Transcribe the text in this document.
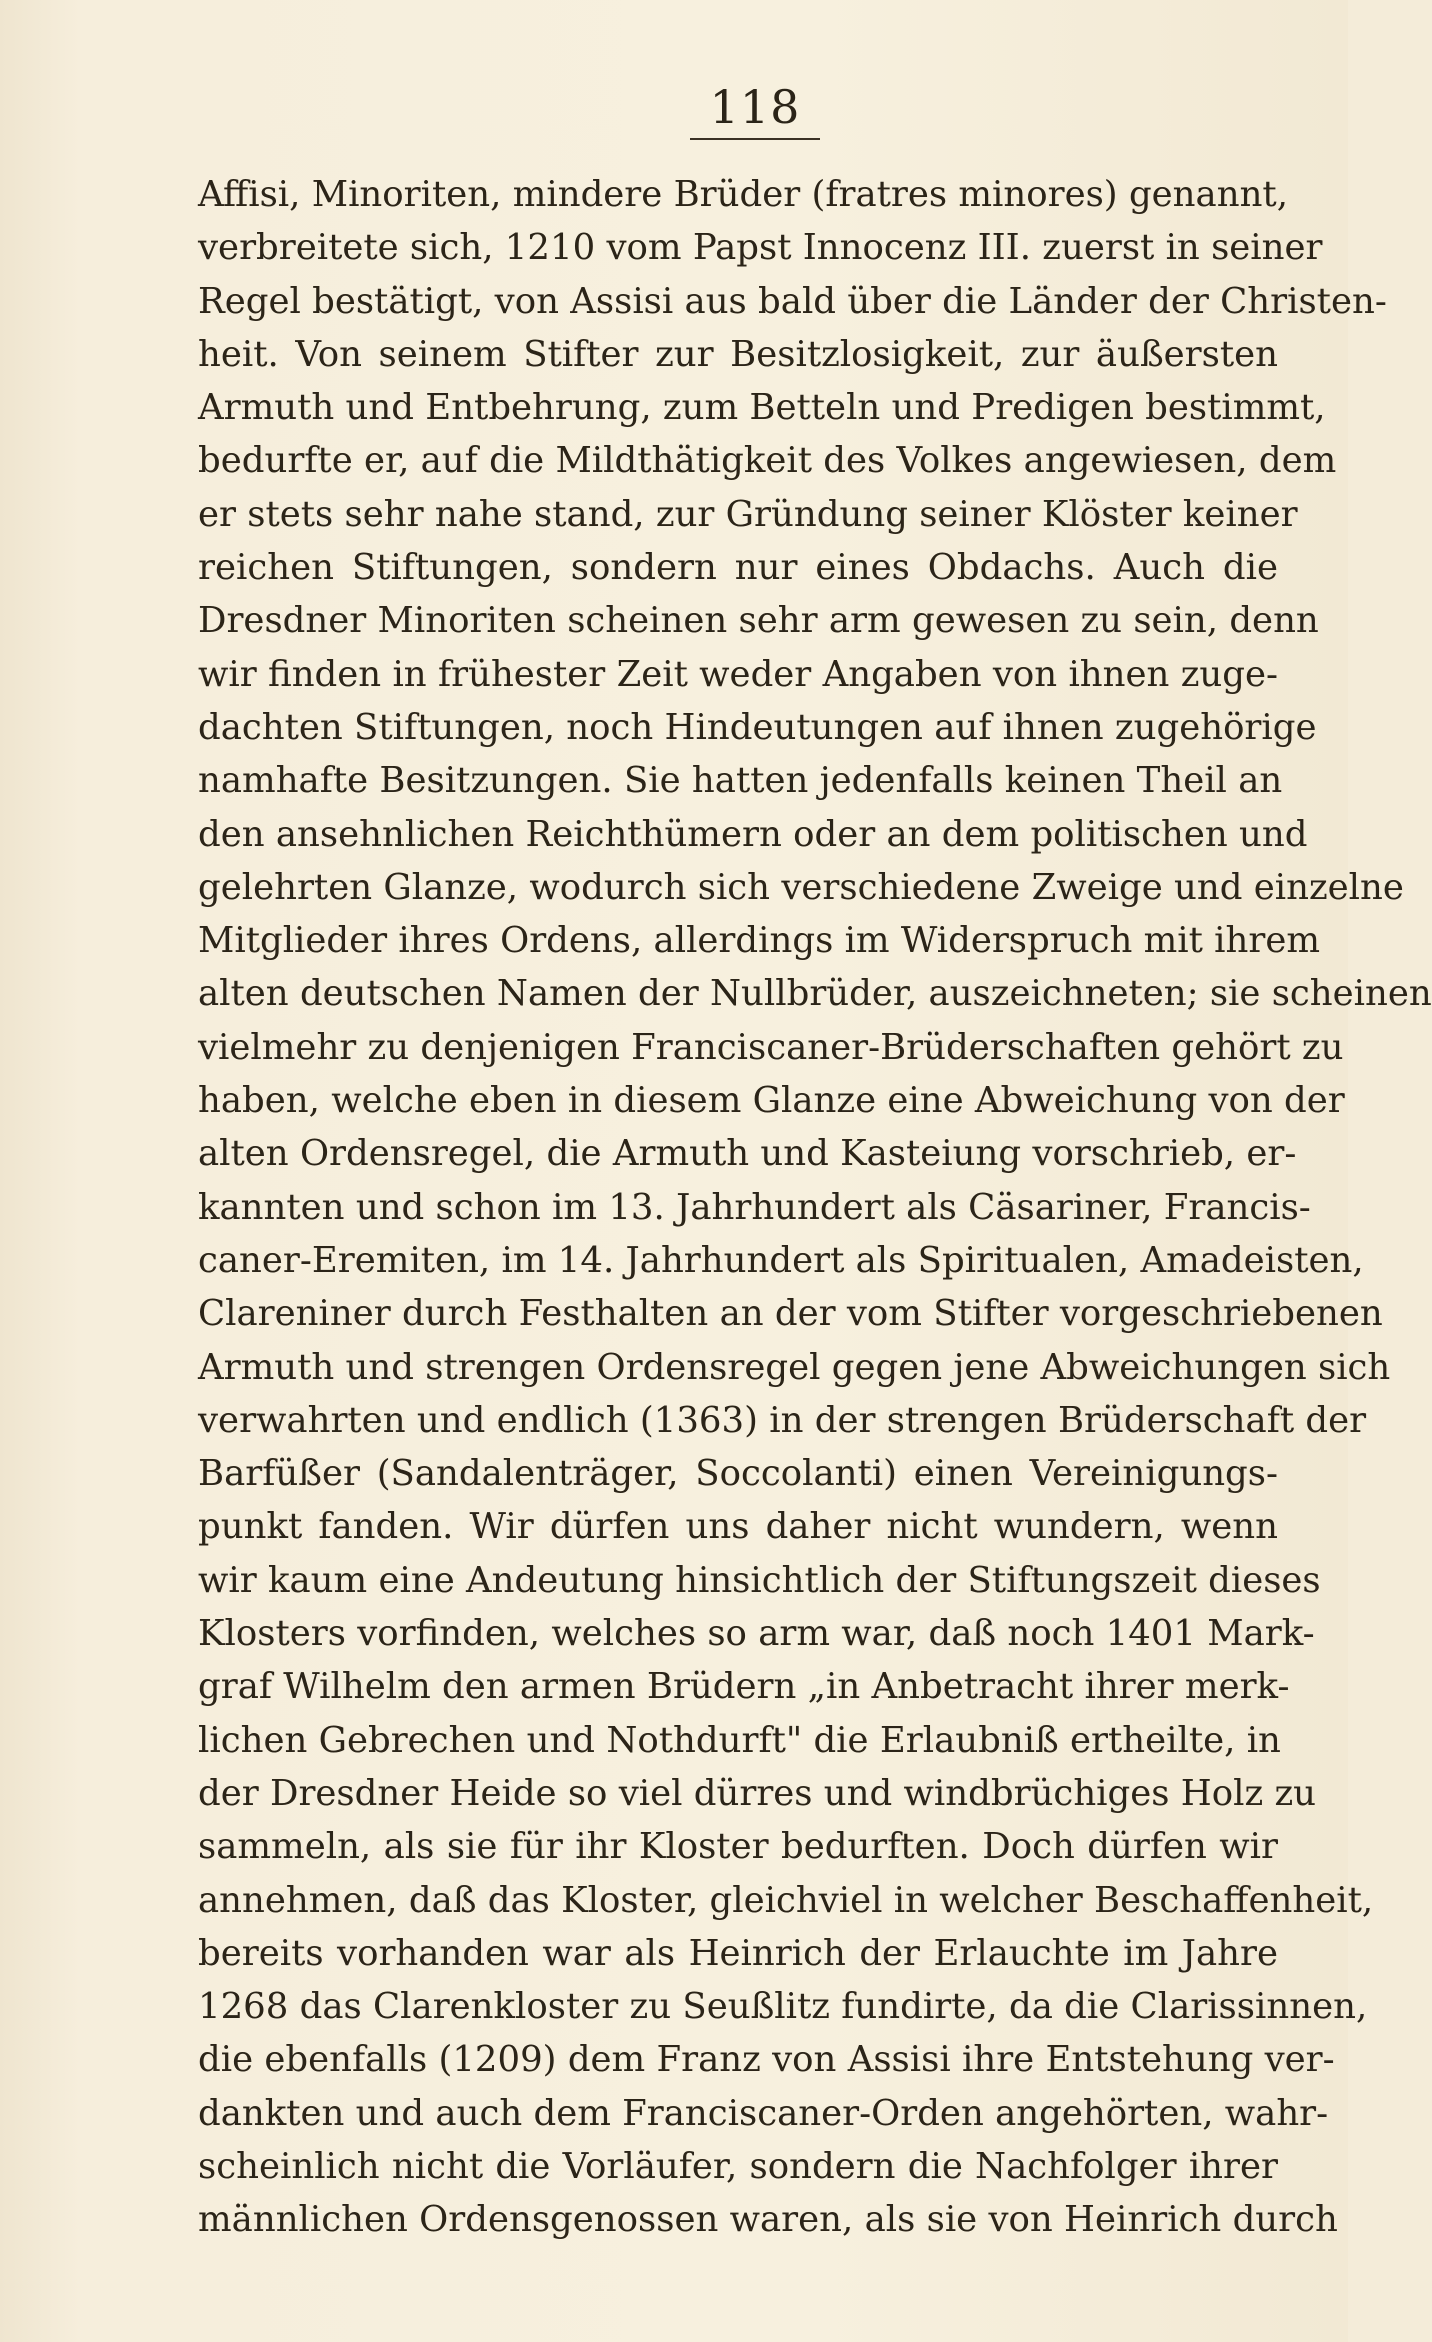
118
Affisi, Minoriten, mindere Brüder (fratres minores) genannt,
verbreitete sich, 1210 vom Papst Innocenz III. zuerst in seiner
Regel bestätigt, von Assisi aus bald über die Länder der Christen-
heit. Von seinem Stifter zur Besitzlosigkeit, zur äußersten
Armuth und Entbehrung, zum Betteln und Predigen bestimmt,
bedurfte er, auf die Mildthätigkeit des Volkes angewiesen, dem
er stets sehr nahe stand, zur Gründung seiner Klöster keiner
reichen Stiftungen, sondern nur eines Obdachs. Auch die
Dresdner Minoriten scheinen sehr arm gewesen zu sein, denn
wir finden in frühester Zeit weder Angaben von ihnen zuge-
dachten Stiftungen, noch Hindeutungen auf ihnen zugehörige
namhafte Besitzungen. Sie hatten jedenfalls keinen Theil an
den ansehnlichen Reichthümern oder an dem politischen und
gelehrten Glanze, wodurch sich verschiedene Zweige und einzelne
Mitglieder ihres Ordens, allerdings im Widerspruch mit ihrem
alten deutschen Namen der Nullbrüder, auszeichneten; sie scheinen
vielmehr zu denjenigen Franciscaner-Brüderschaften gehört zu
haben, welche eben in diesem Glanze eine Abweichung von der
alten Ordensregel, die Armuth und Kasteiung vorschrieb, er-
kannten und schon im 13. Jahrhundert als Cäsariner, Francis-
caner-Eremiten, im 14. Jahrhundert als Spiritualen, Amadeisten,
Clareniner durch Festhalten an der vom Stifter vorgeschriebenen
Armuth und strengen Ordensregel gegen jene Abweichungen sich
verwahrten und endlich (1363) in der strengen Brüderschaft der
Barfüßer (Sandalenträger, Soccolanti) einen Vereinigungs-
punkt fanden. Wir dürfen uns daher nicht wundern, wenn
wir kaum eine Andeutung hinsichtlich der Stiftungszeit dieses
Klosters vorfinden, welches so arm war, daß noch 1401 Mark-
graf Wilhelm den armen Brüdern „in Anbetracht ihrer merk-
lichen Gebrechen und Nothdurft" die Erlaubniß ertheilte, in
der Dresdner Heide so viel dürres und windbrüchiges Holz zu
sammeln, als sie für ihr Kloster bedurften. Doch dürfen wir
annehmen, daß das Kloster, gleichviel in welcher Beschaffenheit,
bereits vorhanden war als Heinrich der Erlauchte im Jahre
1268 das Clarenkloster zu Seußlitz fundirte, da die Clarissinnen,
die ebenfalls (1209) dem Franz von Assisi ihre Entstehung ver-
dankten und auch dem Franciscaner-Orden angehörten, wahr-
scheinlich nicht die Vorläufer, sondern die Nachfolger ihrer
männlichen Ordensgenossen waren, als sie von Heinrich durch
